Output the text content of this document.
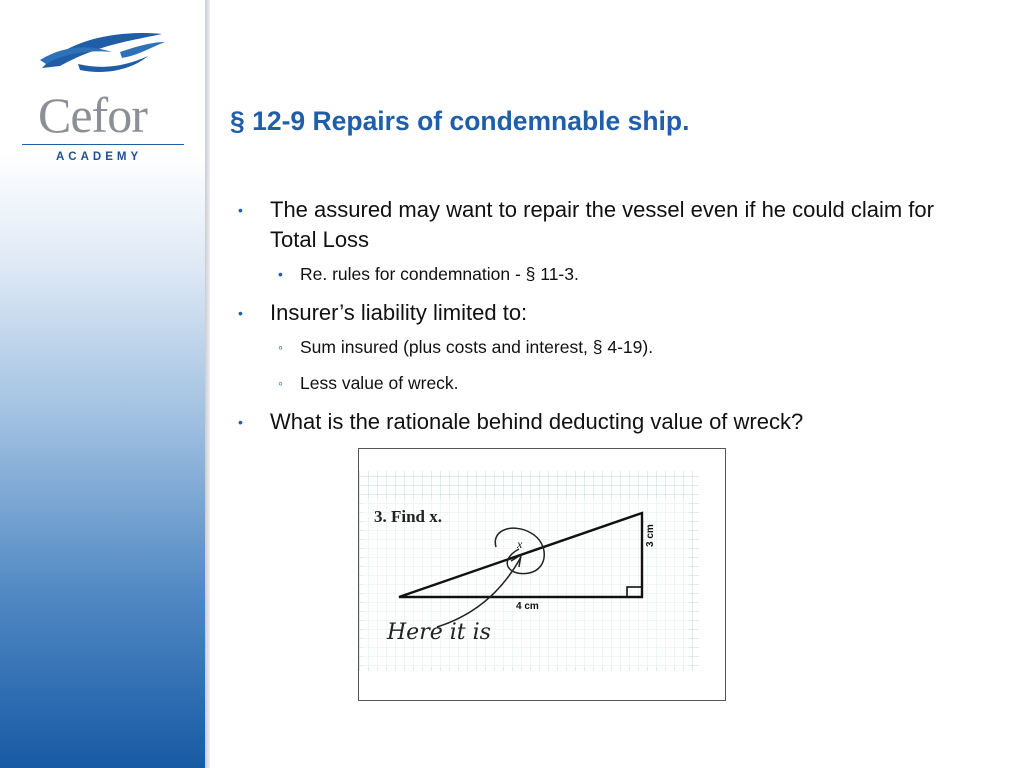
Cefor
ACADEMY
§ 12-9 Repairs of condemnable ship.
• The assured may want to repair the vessel even if he could claim for Total Loss
• Re. rules for condemnation - § 11-3.
• Insurer’s liability limited to:
◦ Sum insured (plus costs and interest, § 4-19).
◦ Less value of wreck.
• What is the rationale behind deducting value of wreck?
3. Find x.
4 cm
3 cm
x
Here it is
